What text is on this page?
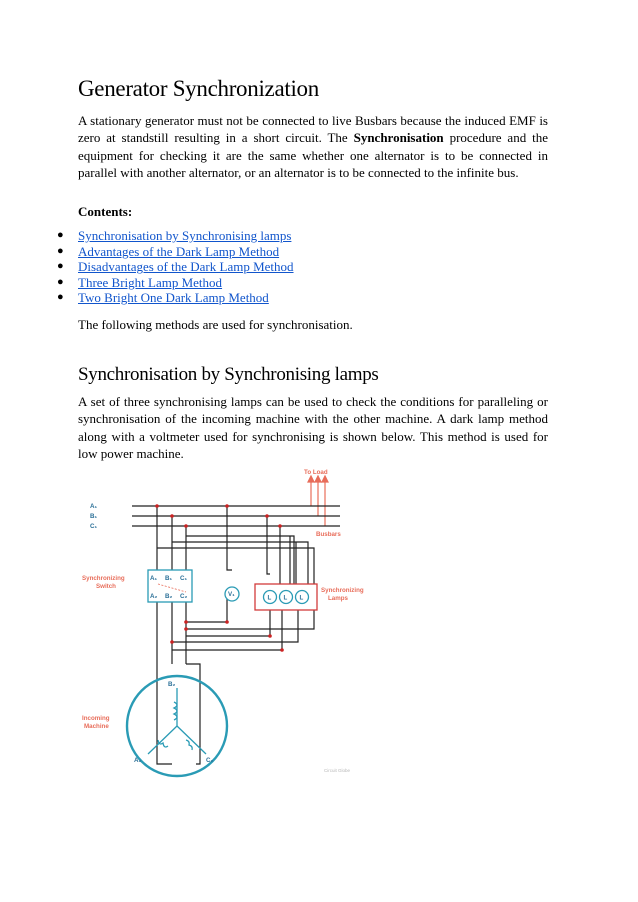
Generator Synchronization

A stationary generator must not be connected to live Busbars because the induced EMF is zero at standstill resulting in a short circuit. The Synchronisation procedure and the equipment for checking it are the same whether one alternator is to be connected in parallel with another alternator, or an alternator is to be connected to the infinite bus.

Contents:

● Synchronisation by Synchronising lamps
● Advantages of the Dark Lamp Method
● Disadvantages of the Dark Lamp Method
● Three Bright Lamp Method
● Two Bright One Dark Lamp Method

The following methods are used for synchronisation.

Synchronisation by Synchronising lamps

A set of three synchronising lamps can be used to check the conditions for paralleling or synchronisation of the incoming machine with the other machine. A dark lamp method along with a voltmeter used for synchronising is shown below. This method is used for low power machine.

To Load
A₁
B₁
C₁
Busbars
Synchronizing
Switch
A₁ B₁ C₁
A₂ B₂ C₂	V₁	L L L
Synchronizing
Lamps
Incoming
Machine
B₂
A₂	C₂
Circuit Globe
